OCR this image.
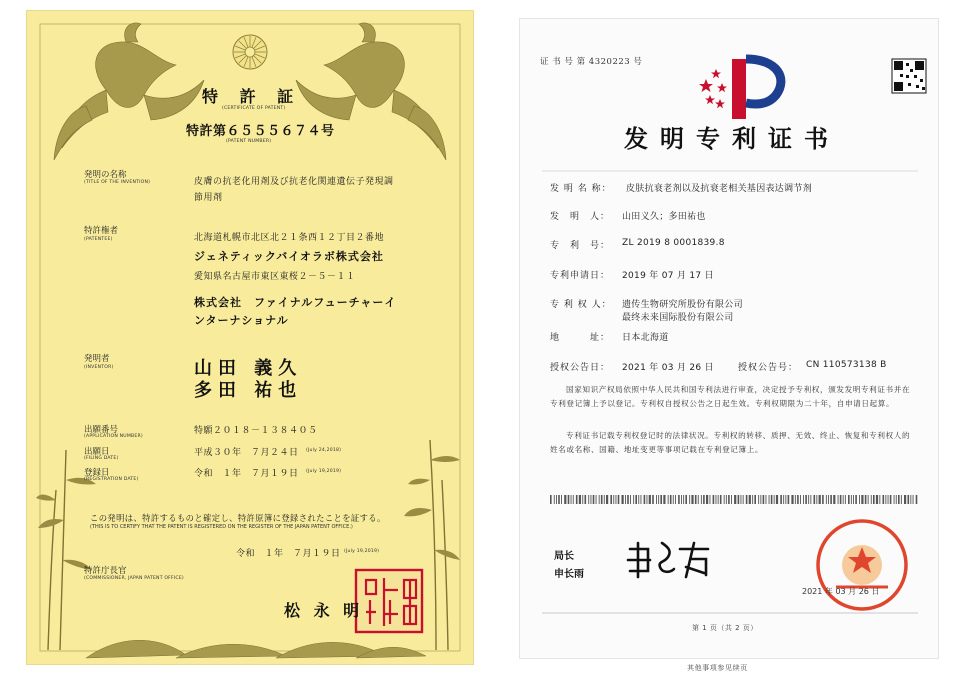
特 許 証
(CERTIFICATE OF PATENT)
特許第６５５５６７４号
(PATENT NUMBER)
発明の名称
(TITLE OF THE INVENTION)	皮膚の抗老化用剤及び抗老化関連遺伝子発現調
節用剤
特許権者
(PATENTEE)	北海道札幌市北区北２１条西１２丁目２番地
ジェネティックバイオラボ株式会社
愛知県名古屋市東区東桜２－５－１１
株式会社　ファイナルフューチャーイ
ンターナショナル
発明者
(INVENTOR)	山田 義久
多田 祐也
出願番号
(APPLICATION NUMBER)
特願２０１８－１３８４０５
出願日
(FILING DATE)
平成３０年　７月２４日 (July 24,2018)
登録日
(REGISTRATION DATE)
令和　１年　７月１９日 (July 19,2019)
この発明は、特許するものと確定し、特許原簿に登録されたことを証する。
(THIS IS TO CERTIFY THAT THE PATENT IS REGISTERED ON THE REGISTER OF THE JAPAN PATENT OFFICE.)
令和　１年　７月１９日 (July 19,2019)
特許庁長官
(COMMISSIONER, JAPAN PATENT OFFICE)
松 永 明
证 书 号 第 4320223 号
发明专利证书
发 明 名 称： 皮肤抗衰老剂以及抗衰老相关基因表达调节剂
发　明　人： 山田义久；多田祐也
专　利　号： ZL 2019 8 0001839.8
专利申请日： 2019 年 07 月 17 日
专 利 权 人： 遗传生物研究所股份有限公司
最终未来国际股份有限公司
地　　　址： 日本北海道
授权公告日： 2021 年 03 月 26 日	授权公告号： CN 110573138 B
国家知识产权局依照中华人民共和国专利法进行审查，决定授予专利权，颁发发明专利证书并在专利登记簿上予以登记。专利权自授权公告之日起生效。专利权期限为二十年，自申请日起算。
专利证书记载专利权登记时的法律状况。专利权的转移、质押、无效、终止、恢复和专利权人的姓名或名称、国籍、地址变更等事项记载在专利登记簿上。
局长
申长雨
2021 年 03 月 26 日
第 1 页（共 2 页）
其他事项参见续页
